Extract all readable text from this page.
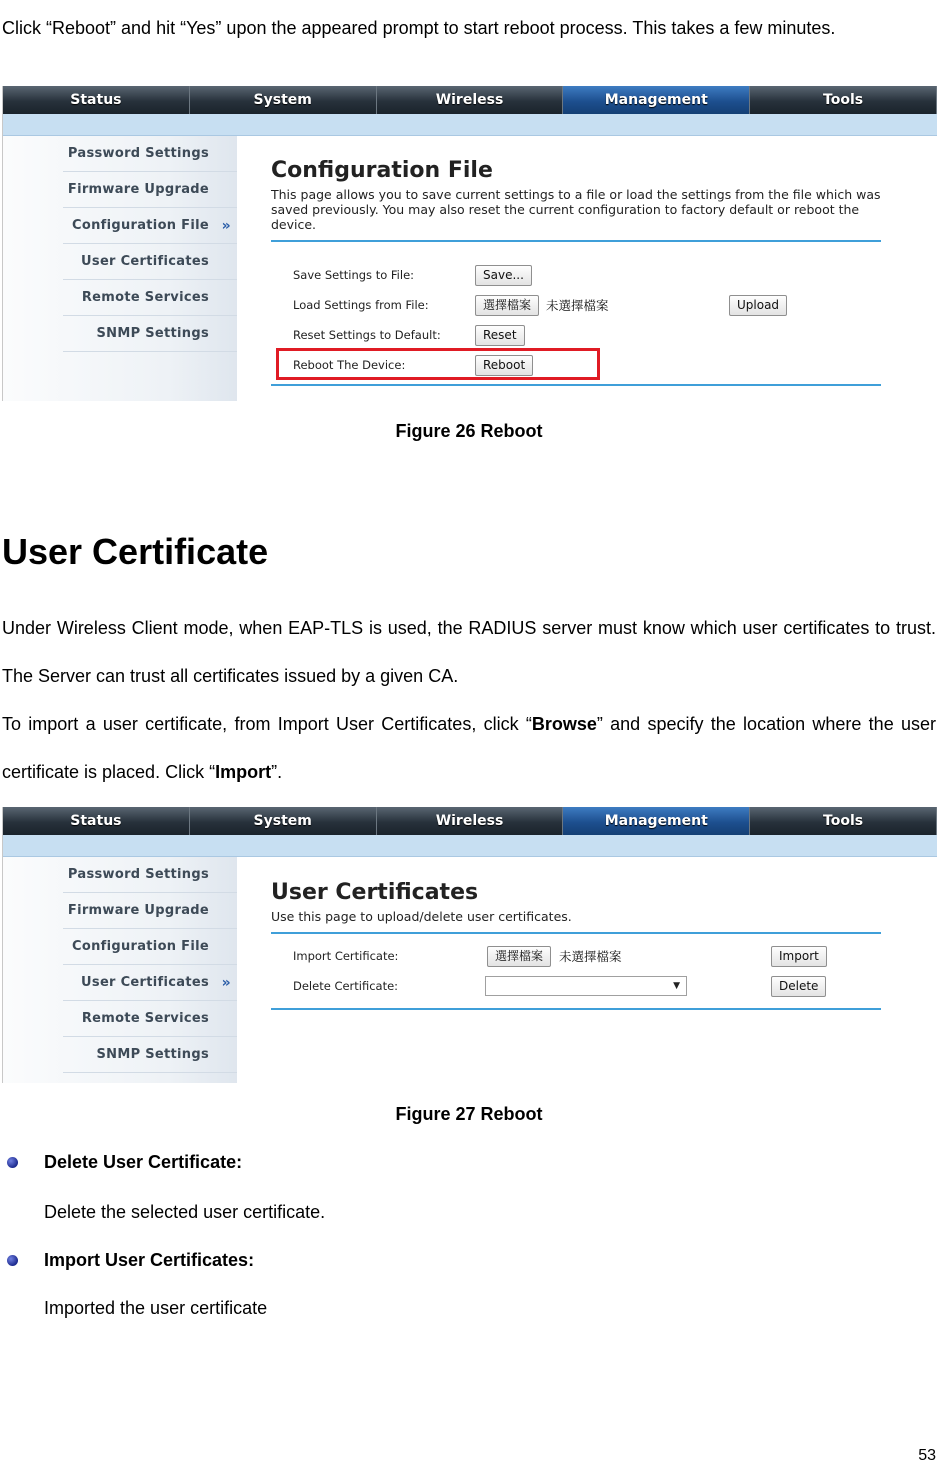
Click “Reboot” and hit “Yes” upon the appeared prompt to start reboot process. This takes a few minutes.
Status	System	Wireless	Management	Tools
Password Settings
Firmware Upgrade
Configuration File »
User Certificates
Remote Services
SNMP Settings
Configuration File
This page allows you to save current settings to a file or load the settings from the file which was saved previously. You may also reset the current configuration to factory default or reboot the device.
Save Settings to File:	Save...
Load Settings from File:	選擇檔案	未選擇檔案	Upload
Reset Settings to Default:	Reset
Reboot The Device:	Reboot
Figure 26 Reboot
User Certificate
Under Wireless Client mode, when EAP-TLS is used, the RADIUS server must know which user certificates to trust. The Server can trust all certificates issued by a given CA.
To import a user certificate, from Import User Certificates, click “Browse” and specify the location where the user certificate is placed. Click “Import”.
Status	System	Wireless	Management	Tools
Password Settings
Firmware Upgrade
Configuration File
User Certificates »
Remote Services
SNMP Settings
User Certificates
Use this page to upload/delete user certificates.
Import Certificate:	選擇檔案	未選擇檔案	Import
Delete Certificate:	▼	Delete
Figure 27 Reboot
Delete User Certificate:
Delete the selected user certificate.
Import User Certificates:
Imported the user certificate
53
